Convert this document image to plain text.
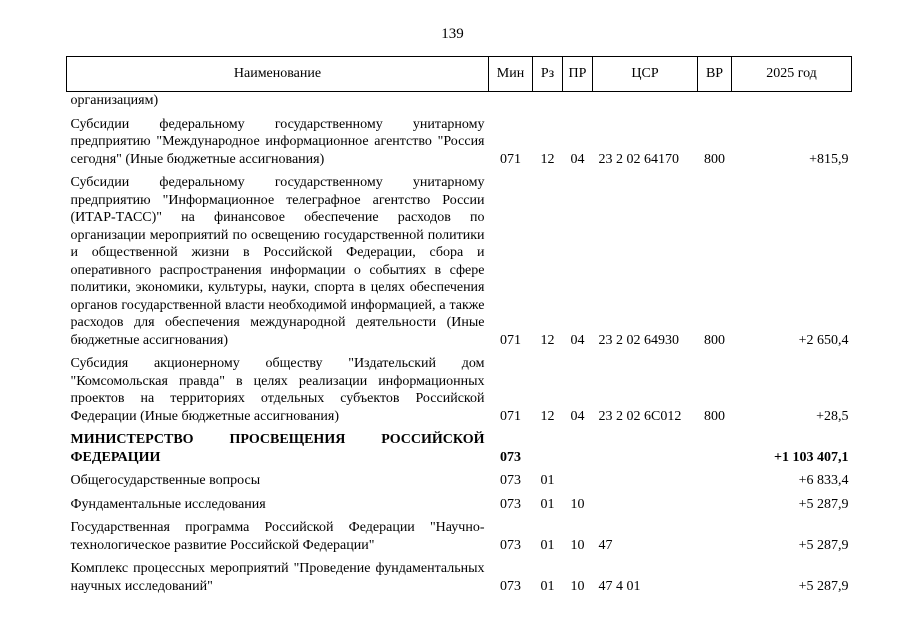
139
Наименование	Мин	Рз	ПР	ЦСР	ВР	2025 год
организациям)						
Субсидии федеральному государственному унитарному предприятию "Международное информационное агентство "Россия сегодня" (Иные бюджетные ассигнования)	071	12	04	23 2 02 64170	800	+815,9
Субсидии федеральному государственному унитарному предприятию "Информационное телеграфное агентство России (ИТАР-ТАСС)" на финансовое обеспечение расходов по организации мероприятий по освещению государственной политики и общественной жизни в Российской Федерации, сбора и оперативного распространения информации о событиях в сфере политики, экономики, культуры, науки, спорта в целях обеспечения органов государственной власти необходимой информацией, а также расходов для обеспечения международной деятельности (Иные бюджетные ассигнования)	071	12	04	23 2 02 64930	800	+2 650,4
Субсидия акционерному обществу "Издательский дом "Комсомольская правда" в целях реализации информационных проектов на территориях отдельных субъектов Российской Федерации (Иные бюджетные ассигнования)	071	12	04	23 2 02 6С012	800	+28,5
МИНИСТЕРСТВО ПРОСВЕЩЕНИЯ РОССИЙСКОЙ ФЕДЕРАЦИИ	073					+1 103 407,1
Общегосударственные вопросы	073	01				+6 833,4
Фундаментальные исследования	073	01	10			+5 287,9
Государственная программа Российской Федерации "Научно-технологическое развитие Российской Федерации"	073	01	10	47		+5 287,9
Комплекс процессных мероприятий "Проведение фундаментальных научных исследований"	073	01	10	47 4 01		+5 287,9
